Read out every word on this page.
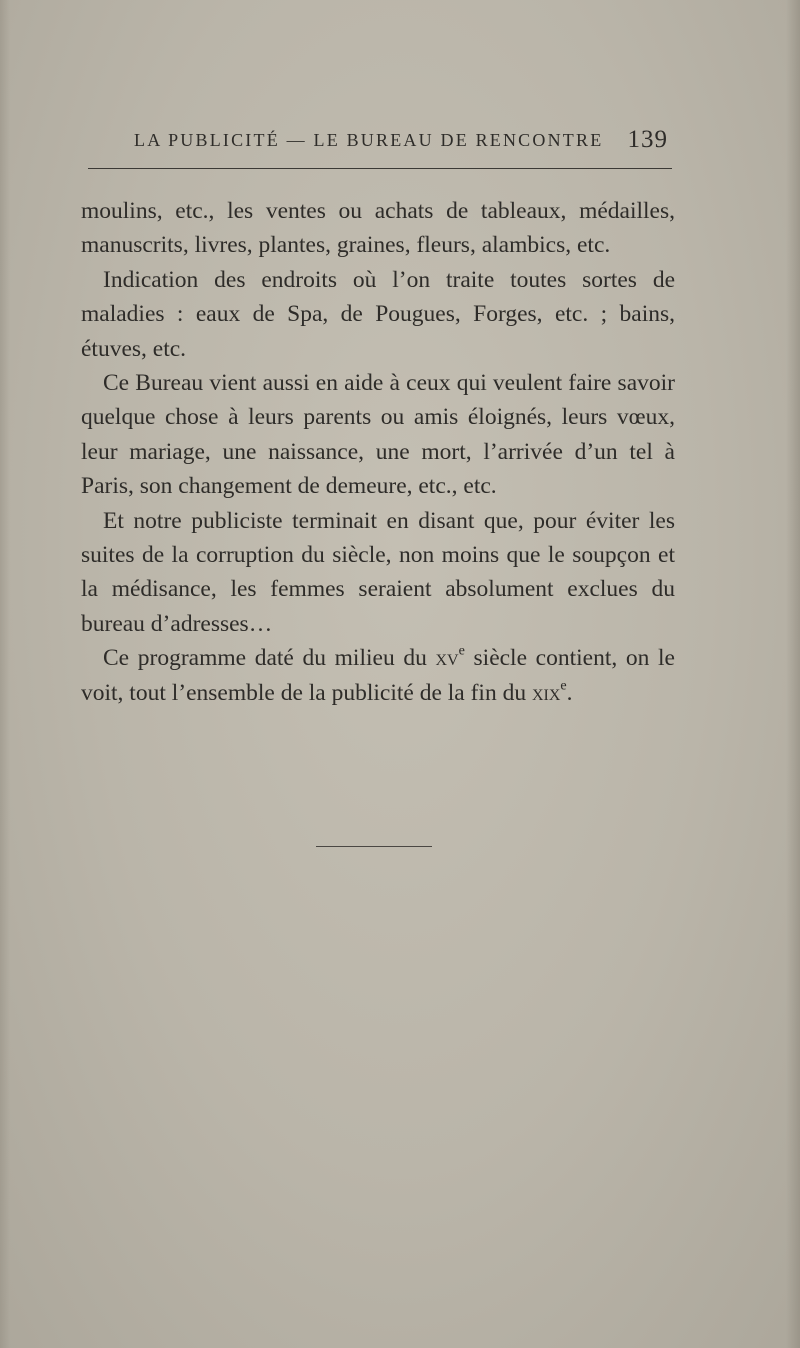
LA PUBLICITÉ — LE BUREAU DE RENCONTRE 139

moulins, etc., les ventes ou achats de tableaux, médailles, manuscrits, livres, plantes, graines, fleurs, alambics, etc.

Indication des endroits où l’on traite toutes sortes de maladies : eaux de Spa, de Pougues, Forges, etc. ; bains, étuves, etc.

Ce Bureau vient aussi en aide à ceux qui veulent faire savoir quelque chose à leurs parents ou amis éloignés, leurs vœux, leur mariage, une naissance, une mort, l’arrivée d’un tel à Paris, son changement de demeure, etc., etc.

Et notre publiciste terminait en disant que, pour éviter les suites de la corruption du siècle, non moins que le soupçon et la médisance, les femmes seraient absolument exclues du bureau d’adresses…

Ce programme daté du milieu du $xv^e$ siècle contient, on le voit, tout l’ensemble de la publicité de la fin du xix$^e$.
